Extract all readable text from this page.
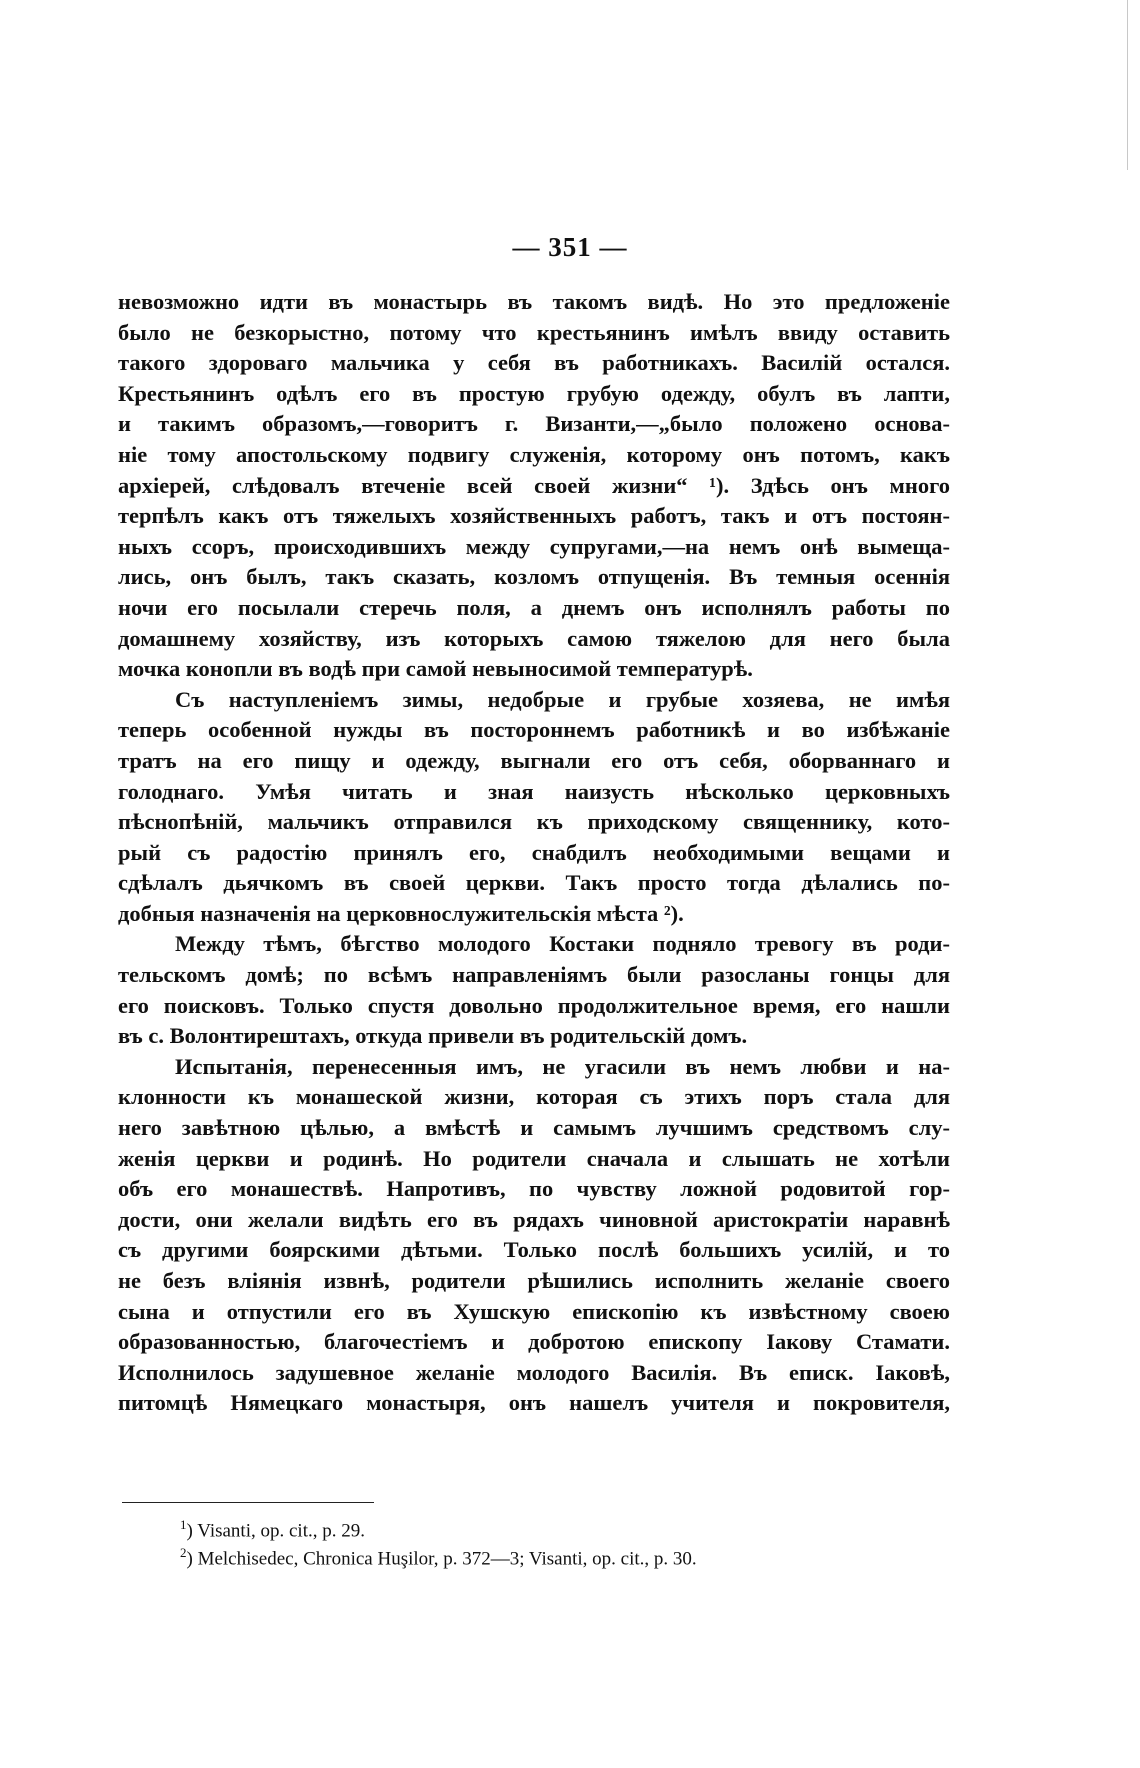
— 351 —
невозможно идти въ монастырь въ такомъ видѣ. Но это предложеніе
было не безкорыстно, потому что крестьянинъ имѣлъ ввиду оставить
такого здороваго мальчика у себя въ работникахъ. Василій остался.
Крестьянинъ одѣлъ его въ простую грубую одежду, обулъ въ лапти,
и такимъ образомъ,—говоритъ г. Византи,—„было положено основа-
ніе тому апостольскому подвигу служенія, которому онъ потомъ, какъ
архіерей, слѣдовалъ втеченіе всей своей жизни“ ¹). Здѣсь онъ много
терпѣлъ какъ отъ тяжелыхъ хозяйственныхъ работъ, такъ и отъ постоян-
ныхъ ссоръ, происходившихъ между супругами,—на немъ онѣ вымеща-
лись, онъ былъ, такъ сказать, козломъ отпущенія. Въ темныя осеннія
ночи его посылали стеречь поля, а днемъ онъ исполнялъ работы по
домашнему хозяйству, изъ которыхъ самою тяжелою для него была
мочка конопли въ водѣ при самой невыносимой температурѣ.
Съ наступленіемъ зимы, недобрые и грубые хозяева, не имѣя
теперь особенной нужды въ постороннемъ работникѣ и во избѣжаніе
тратъ на его пищу и одежду, выгнали его отъ себя, оборваннаго и
голоднаго. Умѣя читать и зная наизусть нѣсколько церковныхъ
пѣснопѣній, мальчикъ отправился къ приходскому священнику, кото-
рый съ радостію принялъ его, снабдилъ необходимыми вещами и
сдѣлалъ дьячкомъ въ своей церкви. Такъ просто тогда дѣлались по-
добныя назначенія на церковнослужительскія мѣста ²).
Между тѣмъ, бѣгство молодого Костаки подняло тревогу въ роди-
тельскомъ домѣ; по всѣмъ направленіямъ были разосланы гонцы для
его поисковъ. Только спустя довольно продолжительное время, его нашли
въ с. Волонтирештахъ, откуда привели въ родительскій домъ.
Испытанія, перенесенныя имъ, не угасили въ немъ любви и на-
клонности къ монашеской жизни, которая съ этихъ поръ стала для
него завѣтною цѣлью, а вмѣстѣ и самымъ лучшимъ средствомъ слу-
женія церкви и родинѣ. Но родители сначала и слышать не хотѣли
объ его монашествѣ. Напротивъ, по чувству ложной родовитой гор-
дости, они желали видѣть его въ рядахъ чиновной аристократіи наравнѣ
съ другими боярскими дѣтьми. Только послѣ большихъ усилій, и то
не безъ вліянія извнѣ, родители рѣшились исполнить желаніе своего
сына и отпустили его въ Хушскую епископію къ извѣстному своею
образованностью, благочестіемъ и добротою епископу Іакову Стамати.
Исполнилось задушевное желаніе молодого Василія. Въ еписк. Іаковѣ,
питомцѣ Нямецкаго монастыря, онъ нашелъ учителя и покровителя,
$^1$) Visanti, op. cit., p. 29.
$^2$) Melchisedec, Chronica Huşilor, p. 372—3; Visanti, op. cit., p. 30.
